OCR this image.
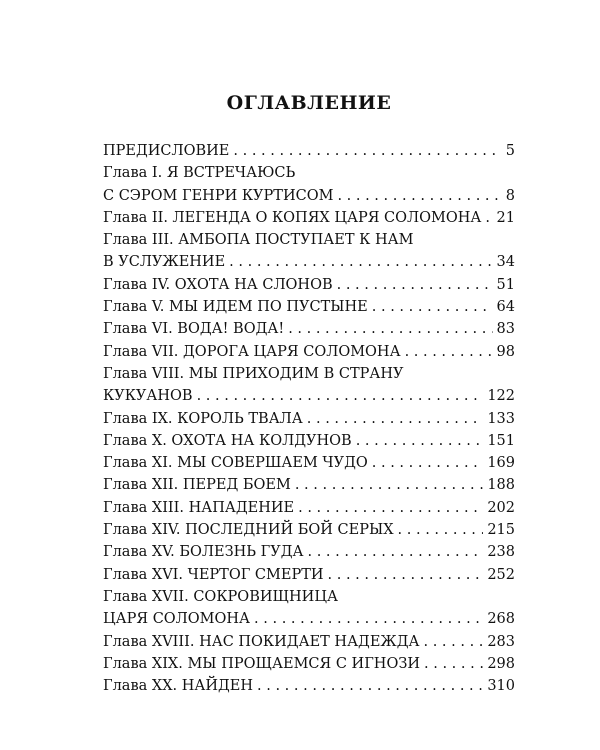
ОГЛАВЛЕНИЕ
ПРЕДИСЛОВИЕ . . .	5
Глава I. Я ВСТРЕЧАЮСЬ
С СЭРОМ ГЕНРИ КУРТИСОМ . . .	8
Глава II. ЛЕГЕНДА О КОПЯХ ЦАРЯ СОЛОМОНА . . . 21
Глава III. АМБОПА ПОСТУПАЕТ К НАМ
В УСЛУЖЕНИЕ . . .	34
Глава IV. ОХОТА НА СЛОНОВ . . .	51
Глава V. МЫ ИДЕМ ПО ПУСТЫНЕ . . .	64
Глава VI. ВОДА! ВОДА! . . .	83
Глава VII. ДОРОГА ЦАРЯ СОЛОМОНА . . .	98
Глава VIII. МЫ ПРИХОДИМ В СТРАНУ
КУКУАНОВ . . .	122
Глава IX. КОРОЛЬ ТВАЛА . . .	133
Глава X. ОХОТА НА КОЛДУНОВ . . .	151
Глава XI. МЫ СОВЕРШАЕМ ЧУДО . . .	169
Глава XII. ПЕРЕД БОЕМ . . .	188
Глава XIII. НАПАДЕНИЕ . . .	202
Глава XIV. ПОСЛЕДНИЙ БОЙ СЕРЫХ . . .	215
Глава XV. БОЛЕЗНЬ ГУДА . . .	238
Глава XVI. ЧЕРТОГ СМЕРТИ . . .	252
Глава XVII. СОКРОВИЩНИЦА
ЦАРЯ СОЛОМОНА . . .	268
Глава XVIII. НАС ПОКИДАЕТ НАДЕЖДА . . .	283
Глава XIX. МЫ ПРОЩАЕМСЯ С ИГНОЗИ . . .	298
Глава XX. НАЙДЕН . . .	310
